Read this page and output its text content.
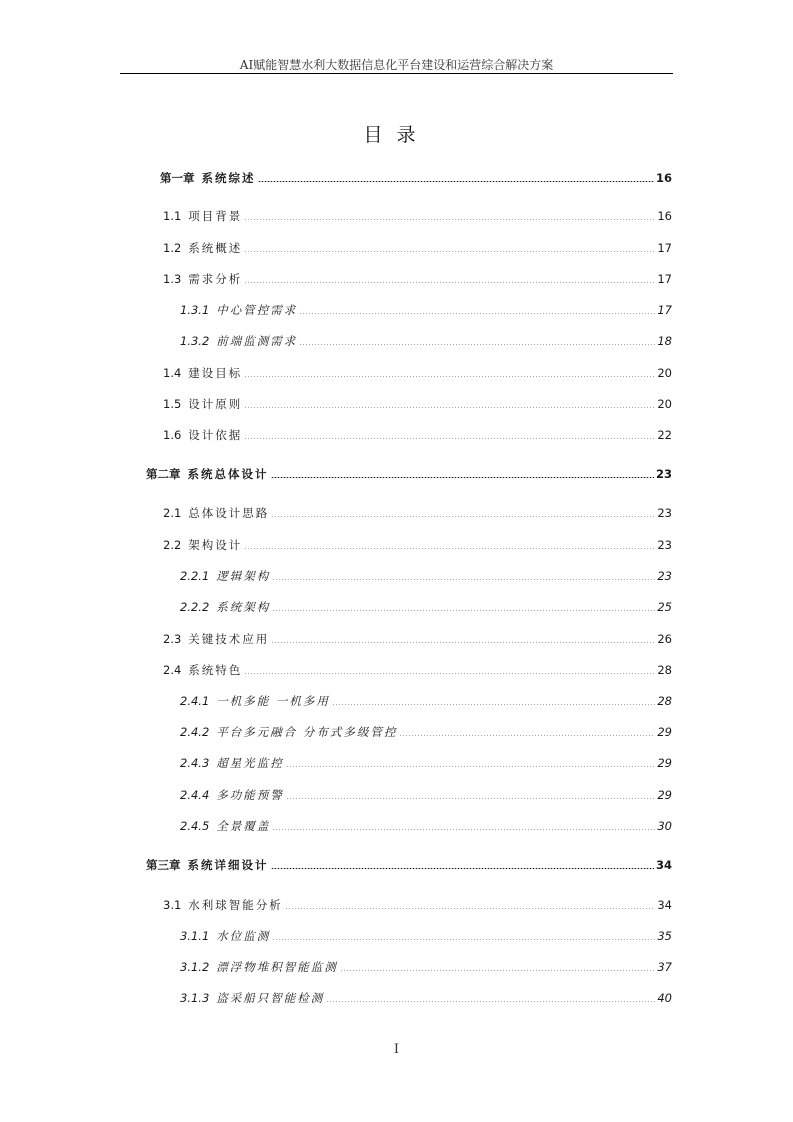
AI赋能智慧水利大数据信息化平台建设和运营综合解决方案
目录
第一章 系统综述	16
1.1 项目背景	16
1.2 系统概述	17
1.3 需求分析	17
1.3.1 中心管控需求	17
1.3.2 前端监测需求	18
1.4 建设目标	20
1.5 设计原则	20
1.6 设计依据	22
第二章 系统总体设计	23
2.1 总体设计思路	23
2.2 架构设计	23
2.2.1 逻辑架构	23
2.2.2 系统架构	25
2.3 关键技术应用	26
2.4 系统特色	28
2.4.1 一机多能 一机多用	28
2.4.2 平台多元融合 分布式多级管控	29
2.4.3 超星光监控	29
2.4.4 多功能预警	29
2.4.5 全景覆盖	30
第三章 系统详细设计	34
3.1 水利球智能分析	34
3.1.1 水位监测	35
3.1.2 漂浮物堆积智能监测	37
3.1.3 盗采船只智能检测	40
I
